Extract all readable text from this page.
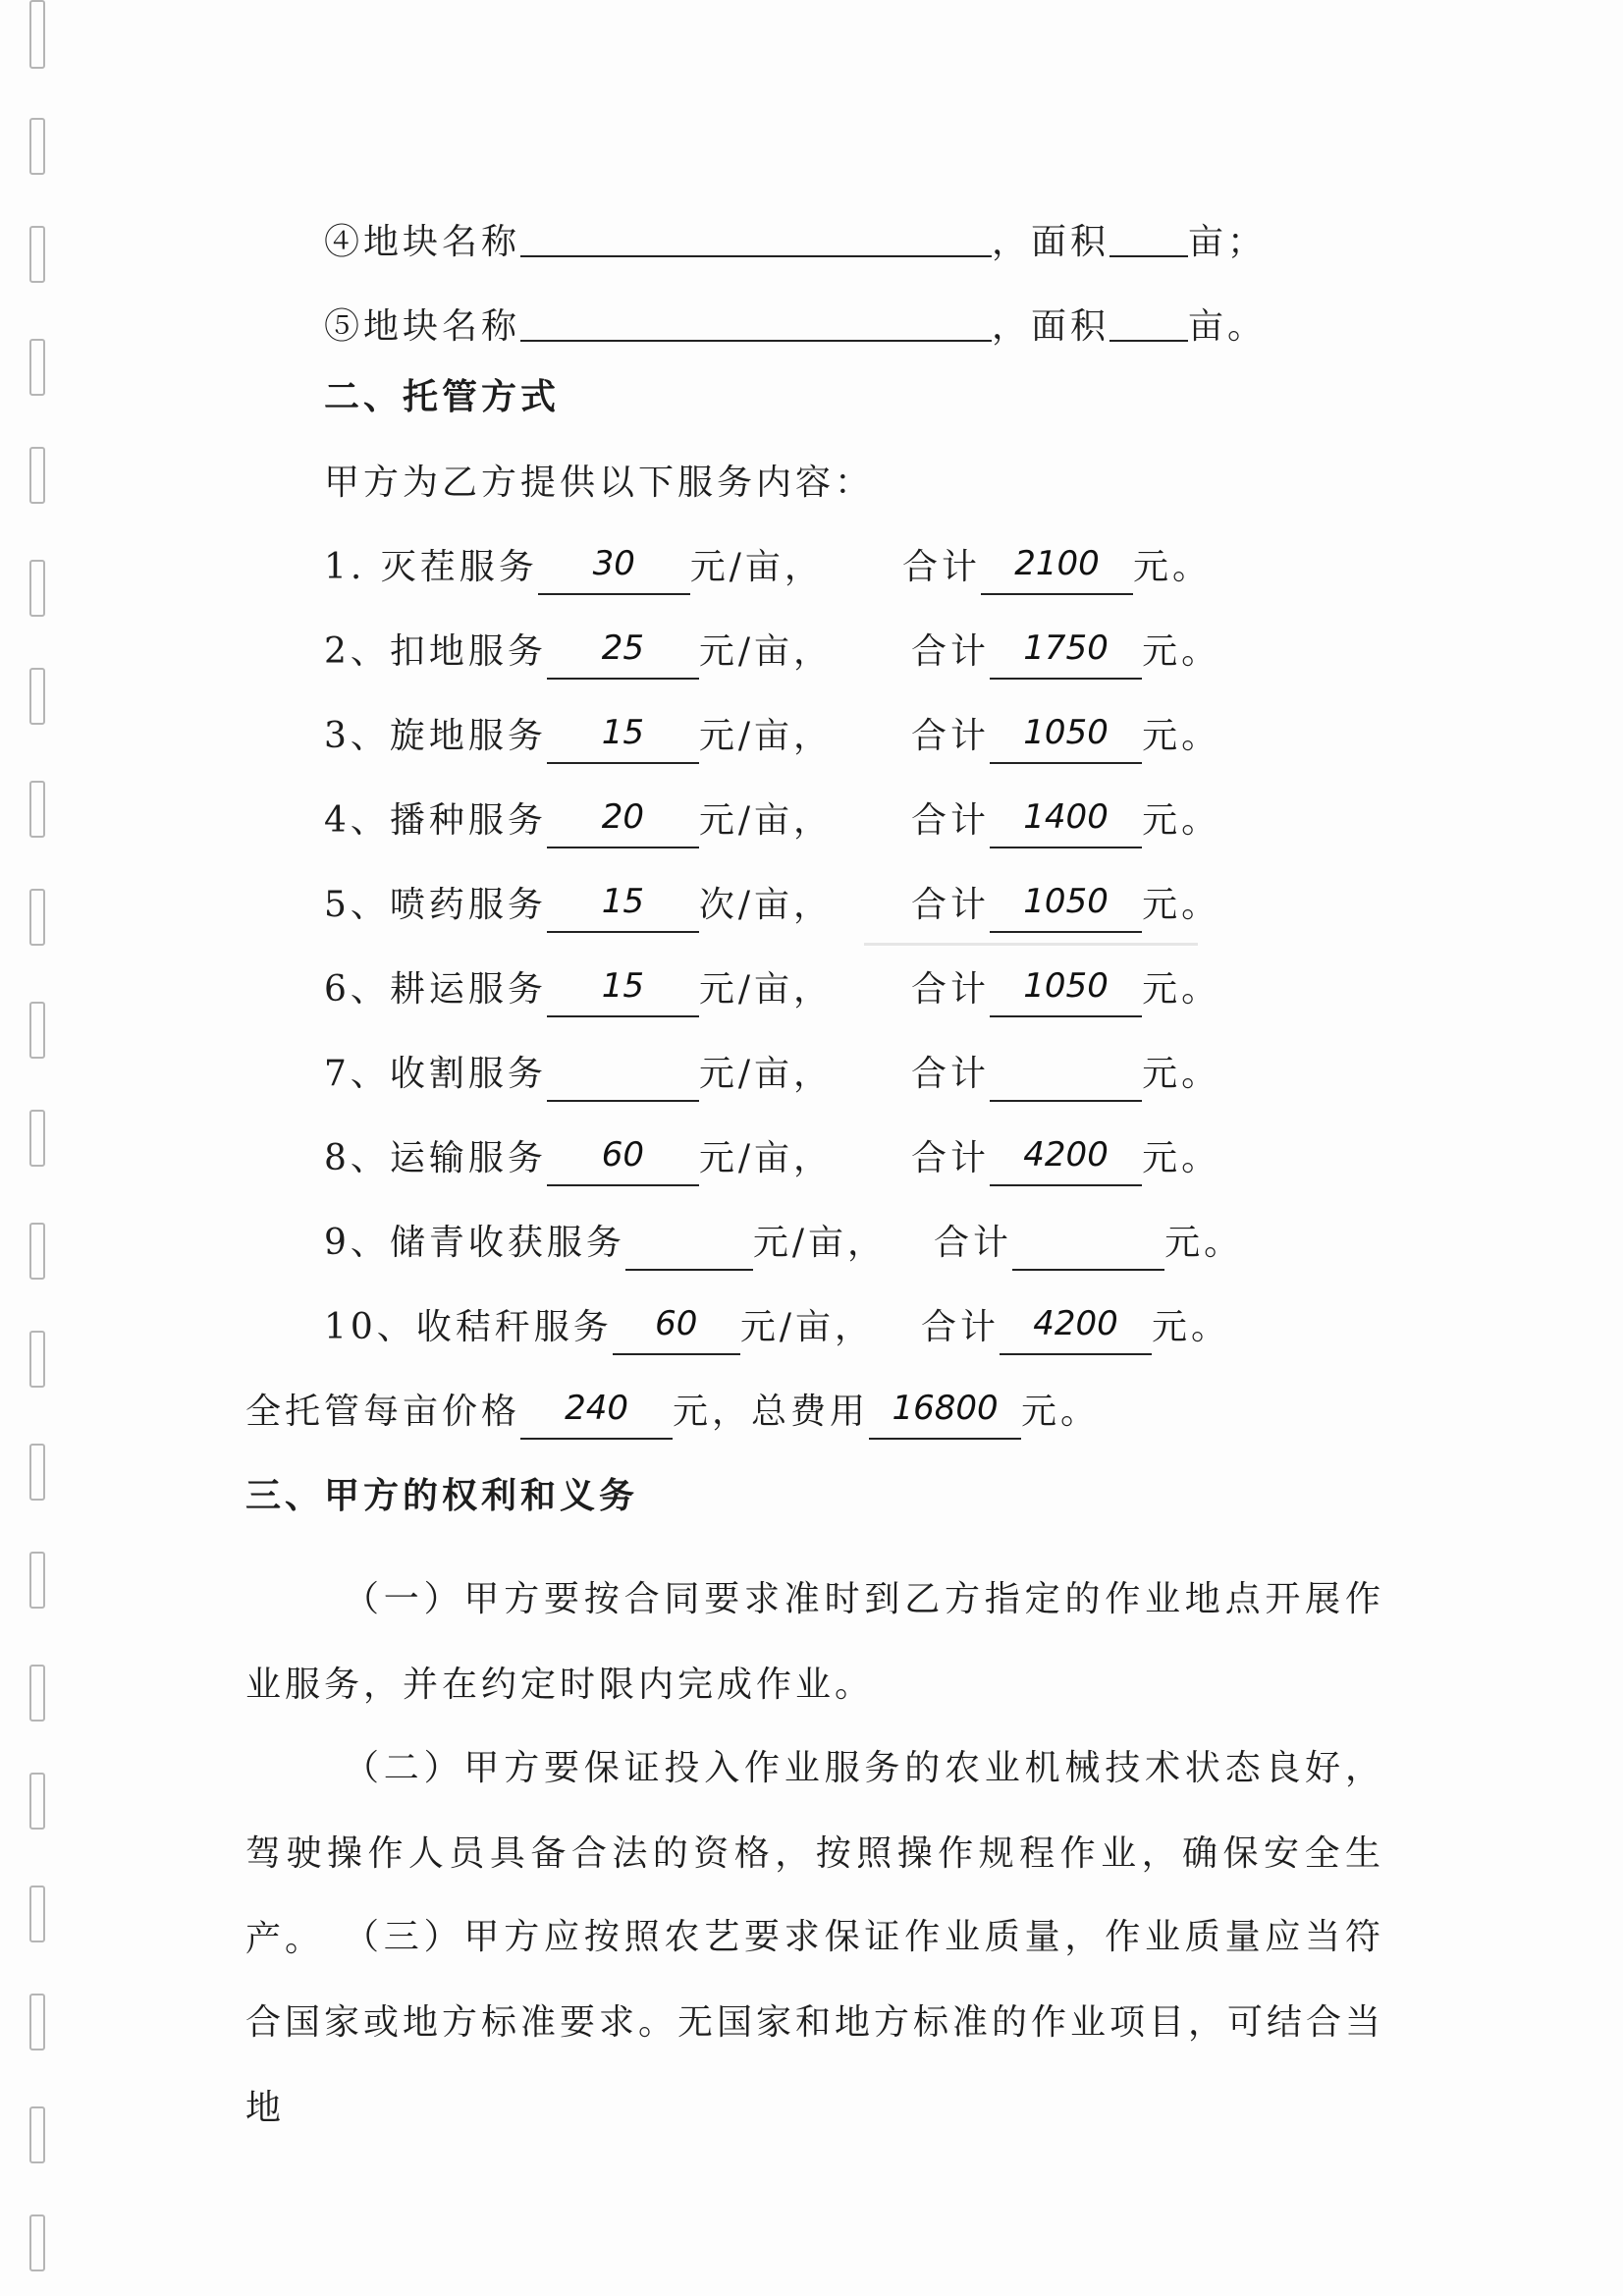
④地块名称	，面积 亩；
⑤地块名称	，面积 亩。
二、托管方式
甲方为乙方提供以下服务内容：
1. 灭茬服务 30 元/亩， 合计 2100 元。
2、扣地服务 25 元/亩， 合计 1750 元。
3、旋地服务 15 元/亩， 合计 1050 元。
4、播种服务 20 元/亩， 合计 1400 元。
5、喷药服务 15 次/亩， 合计 1050 元。
6、耕运服务 15 元/亩， 合计 1050 元。
7、收割服务	元/亩， 合计	元。
8、运输服务 60 元/亩， 合计 4200 元。
9、储青收获服务	元/亩， 合计	元。
10、收秸秆服务 60 元/亩， 合计 4200 元。
全托管每亩价格 240 元，总费用 16800 元。
三、甲方的权利和义务
（一）甲方要按合同要求准时到乙方指定的作业地点开展作业服务，并在约定时限内完成作业。
（二）甲方要保证投入作业服务的农业机械技术状态良好，驾驶操作人员具备合法的资格，按照操作规程作业，确保安全生产。 （三）甲方应按照农艺要求保证作业质量，作业质量应当符合国家或地方标准要求。无国家和地方标准的作业项目，可结合当地
